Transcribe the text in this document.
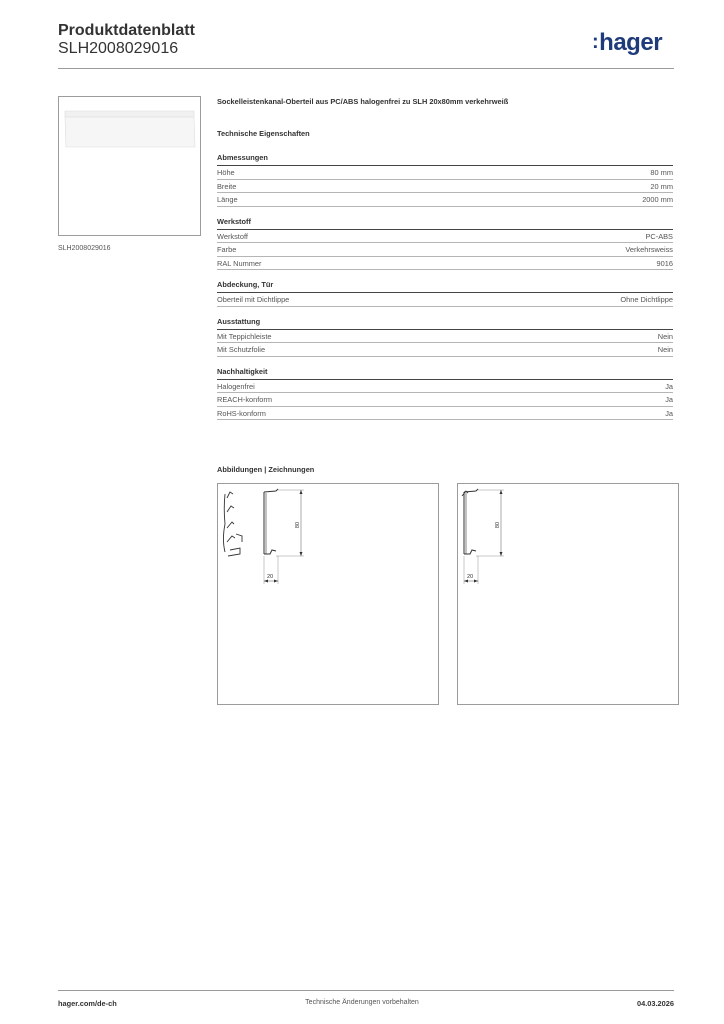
Produktdatenblatt
SLH2008029016	:hager
SLH2008029016
Sockelleistenkanal-Oberteil aus PC/ABS halogenfrei zu SLH 20x80mm verkehrweiß
Technische Eigenschaften
Abmessungen
Höhe	80 mm
Breite	20 mm
Länge	2000 mm
Werkstoff
Werkstoff	PC-ABS
Farbe	Verkehrsweiss
RAL Nummer	9016
Abdeckung, Tür
Oberteil mit Dichtlippe	Ohne Dichtlippe
Ausstattung
Mit Teppichleiste	Nein
Mit Schutzfolie	Nein
Nachhaltigkeit
Halogenfrei	Ja
REACH-konform	Ja
RoHS-konform	Ja
Abbildungen | Zeichnungen
80
20
80
20
hager.com/de-ch	Technische Änderungen vorbehalten	04.03.2026
